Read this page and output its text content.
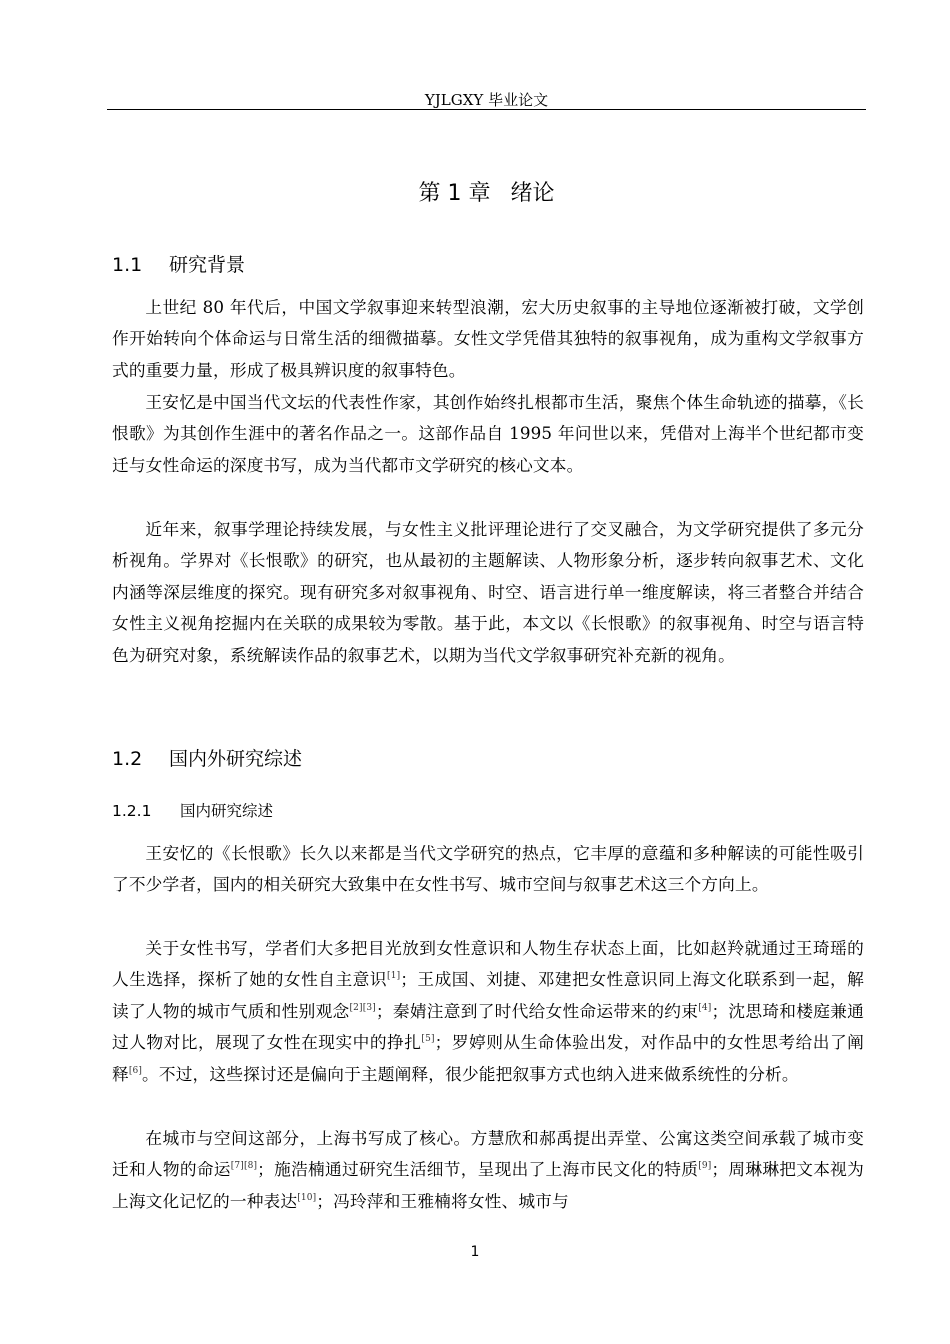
YJLGXY 毕业论文
第 1 章 绪论
1.1 研究背景

上世纪 80 年代后，中国文学叙事迎来转型浪潮，宏大历史叙事的主导地位逐渐被打破，文学创作开始转向个体命运与日常生活的细微描摹。女性文学凭借其独特的叙事视角，成为重构文学叙事方式的重要力量，形成了极具辨识度的叙事特色。

王安忆是中国当代文坛的代表性作家，其创作始终扎根都市生活，聚焦个体生命轨迹的描摹，《长恨歌》为其创作生涯中的著名作品之一。这部作品自 1995 年问世以来，凭借对上海半个世纪都市变迁与女性命运的深度书写，成为当代都市文学研究的核心文本。

近年来，叙事学理论持续发展，与女性主义批评理论进行了交叉融合，为文学研究提供了多元分析视角。学界对《长恨歌》的研究，也从最初的主题解读、人物形象分析，逐步转向叙事艺术、文化内涵等深层维度的探究。现有研究多对叙事视角、时空、语言进行单一维度解读，将三者整合并结合女性主义视角挖掘内在关联的成果较为零散。基于此，本文以《长恨歌》的叙事视角、时空与语言特色为研究对象，系统解读作品的叙事艺术，以期为当代文学叙事研究补充新的视角。

1.2 国内外研究综述
1.2.1 国内研究综述

王安忆的《长恨歌》长久以来都是当代文学研究的热点，它丰厚的意蕴和多种解读的可能性吸引了不少学者，国内的相关研究大致集中在女性书写、城市空间与叙事艺术这三个方向上。

关于女性书写，学者们大多把目光放到女性意识和人物生存状态上面，比如赵羚就通过王琦瑶的人生选择，探析了她的女性自主意识[1]；王成国、刘捷、邓建把女性意识同上海文化联系到一起，解读了人物的城市气质和性别观念[2][3]；秦婧注意到了时代给女性命运带来的约束[4]；沈思琦和楼庭兼通过人物对比，展现了女性在现实中的挣扎[5]；罗婷则从生命体验出发，对作品中的女性思考给出了阐释[6]。不过，这些探讨还是偏向于主题阐释，很少能把叙事方式也纳入进来做系统性的分析。

在城市与空间这部分，上海书写成了核心。方慧欣和郝禹提出弄堂、公寓这类空间承载了城市变迁和人物的命运[7][8]；施浩楠通过研究生活细节，呈现出了上海市民文化的特质[9]；周琳琳把文本视为上海文化记忆的一种表达[10]；冯玲萍和王雅楠将女性、城市与

1
